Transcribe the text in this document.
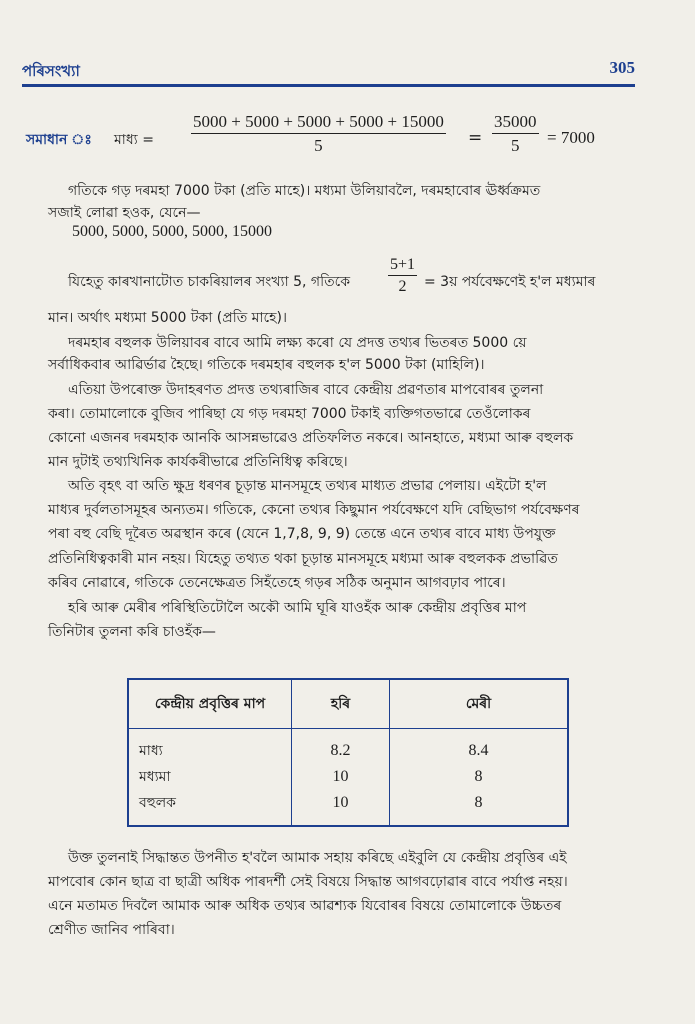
পৰিসংখ্যা	305
সমাধান ঃ মাধ্য = $\frac{5000 + 5000 + 5000 + 5000 + 15000}{5} = \frac{35000}{5} = 7000$

গতিকে গড় দৰমহা 7000 টকা (প্ৰতি মাহে)। মধ্যমা উলিয়াবলৈ, দৰমহাবোৰ ঊৰ্ধ্বক্ৰমত

সজাই লোৱা হওক, যেনে—

5000, 5000, 5000, 5000, 15000

যিহেতু কাৰখানাটোত চাকৰিয়ালৰ সংখ্যা 5, গতিকে $\frac{5+1}{2}$ = 3য় পৰ্যবেক্ষণেই হ'ল মধ্যমাৰ

মান। অৰ্থাৎ মধ্যমা 5000 টকা (প্ৰতি মাহে)।

দৰমহাৰ বহুলক উলিয়াবৰ বাবে আমি লক্ষ্য কৰো যে প্ৰদত্ত তথ্যৰ ভিতৰত 5000 য়ে

সৰ্বাধিকবাৰ আৱিৰ্ভাৱ হৈছে। গতিকে দৰমহাৰ বহুলক হ'ল 5000 টকা (মাহিলি)।

এতিয়া উপৰোক্ত উদাহৰণত প্ৰদত্ত তথ্যৰাজিৰ বাবে কেন্দ্ৰীয় প্ৰৱণতাৰ মাপবোৰৰ তুলনা

কৰা। তোমালোকে বুজিব পাৰিছা যে গড় দৰমহা 7000 টকাই ব্যক্তিগতভাৱে তেওঁলোকৰ

কোনো এজনৰ দৰমহাক আনকি আসন্নভাৱেও প্ৰতিফলিত নকৰে। আনহাতে, মধ্যমা আৰু বহুলক

মান দুটাই তথ্যখিনিক কাৰ্যকৰীভাৱে প্ৰতিনিধিত্ব কৰিছে।

অতি বৃহৎ বা অতি ক্ষুদ্ৰ ধৰণৰ চূড়ান্ত মানসমূহে তথ্যৰ মাধ্যত প্ৰভাৱ পেলায়। এইটো হ'ল

মাধ্যৰ দুৰ্বলতাসমূহৰ অন্যতম। গতিকে, কেনো তথ্যৰ কিছুমান পৰ্যবেক্ষণে যদি বেছিভাগ পৰ্যবেক্ষণৰ

পৰা বহু বেছি দূৰৈত অৱস্থান কৰে (যেনে 1,7,8, 9, 9) তেন্তে এনে তথ্যৰ বাবে মাধ্য উপযুক্ত

প্ৰতিনিধিত্বকাৰী মান নহয়। যিহেতু তথ্যত থকা চূড়ান্ত মানসমূহে মধ্যমা আৰু বহুলকক প্ৰভাৱিত

কৰিব নোৱাৰে, গতিকে তেনেক্ষেত্ৰত সিহঁতেহে গড়ৰ সঠিক অনুমান আগবঢ়াব পাৰে।

হৰি আৰু মেৰীৰ পৰিস্থিতিটোলৈ অকৌ আমি ঘূৰি যাওহঁক আৰু কেন্দ্ৰীয় প্ৰবৃত্তিৰ মাপ

তিনিটাৰ তুলনা কৰি চাওহঁক—

কেন্দ্ৰীয় প্ৰবৃত্তিৰ মাপ	হৰি	মেৰী
মাধ্য	8.2	8.4
মধ্যমা	10	8
বহুলক	10	8

উক্ত তুলনাই সিদ্ধান্তত উপনীত হ'বলৈ আমাক সহায় কৰিছে এইবুলি যে কেন্দ্ৰীয় প্ৰবৃত্তিৰ এই

মাপবোৰ কোন ছাত্ৰ বা ছাত্ৰী অধিক পাৰদৰ্শী সেই বিষয়ে সিদ্ধান্ত আগবঢ়োৱাৰ বাবে পৰ্যাপ্ত নহয়।

এনে মতামত দিবলৈ আমাক আৰু অধিক তথ্যৰ আৱশ্যক যিবোৰৰ বিষয়ে তোমালোকে উচ্চতৰ

শ্ৰেণীত জানিব পাৰিবা।
